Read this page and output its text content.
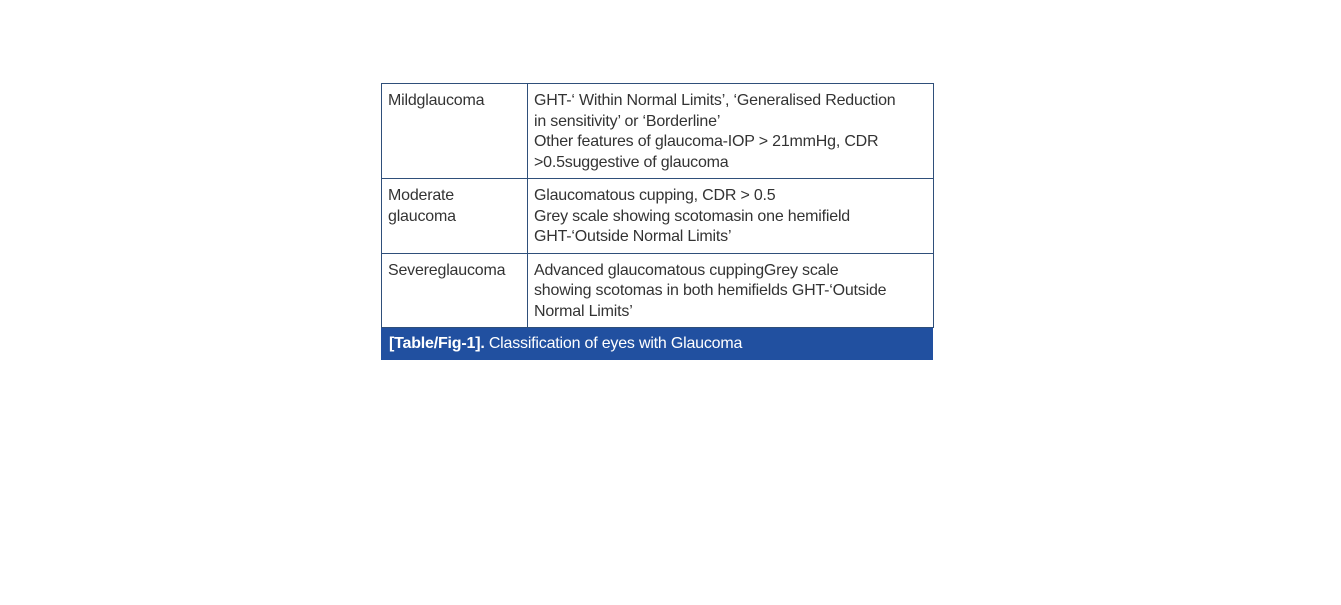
Mildglaucoma	GHT-‘ Within Normal Limits’, ‘Generalised Reduction
in sensitivity’ or ‘Borderline’
Other features of glaucoma-IOP > 21mmHg, CDR
>0.5suggestive of glaucoma

Moderate
glaucoma	Glaucomatous cupping, CDR > 0.5
Grey scale showing scotomasin one hemifield
GHT-‘Outside Normal Limits’

Severeglaucoma	Advanced glaucomatous cuppingGrey scale
showing scotomas in both hemifields GHT-‘Outside
Normal Limits’
[Table/Fig-1]. Classification of eyes with Glaucoma
